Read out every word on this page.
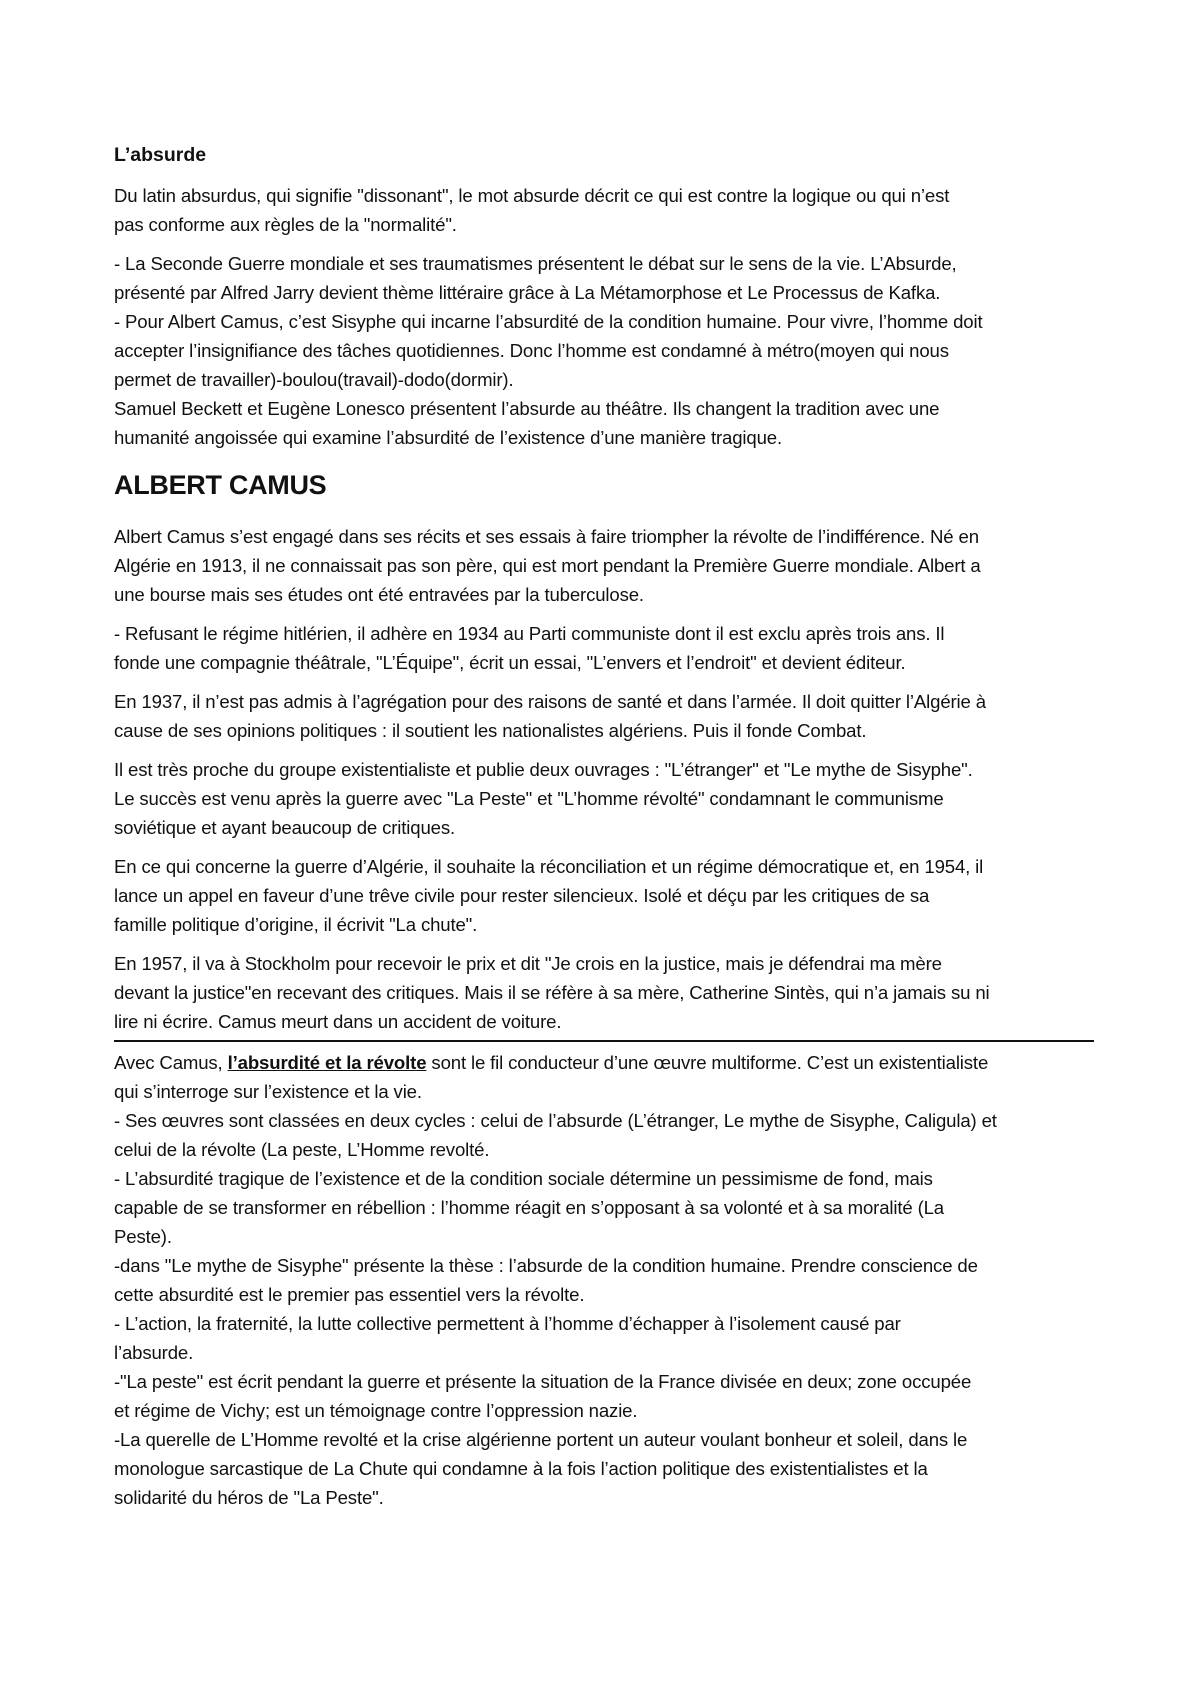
L’absurde

Du latin absurdus, qui signifie "dissonant", le mot absurde décrit ce qui est contre la logique ou qui n’est
pas conforme aux règles de la "normalité".

- La Seconde Guerre mondiale et ses traumatismes présentent le débat sur le sens de la vie. L’Absurde,
présenté par Alfred Jarry devient thème littéraire grâce à La Métamorphose et Le Processus de Kafka.
- Pour Albert Camus, c’est Sisyphe qui incarne l’absurdité de la condition humaine. Pour vivre, l’homme doit
accepter l’insignifiance des tâches quotidiennes. Donc l’homme est condamné à métro(moyen qui nous
permet de travailler)-boulou(travail)-dodo(dormir).
Samuel Beckett et Eugène Lonesco présentent l’absurde au théâtre. Ils changent la tradition avec une
humanité angoissée qui examine l’absurdité de l’existence d’une manière tragique.

ALBERT CAMUS

Albert Camus s’est engagé dans ses récits et ses essais à faire triompher la révolte de l’indifférence. Né en
Algérie en 1913, il ne connaissait pas son père, qui est mort pendant la Première Guerre mondiale. Albert a
une bourse mais ses études ont été entravées par la tuberculose.

- Refusant le régime hitlérien, il adhère en 1934 au Parti communiste dont il est exclu après trois ans. Il
fonde une compagnie théâtrale, "L’Équipe", écrit un essai, "L’envers et l’endroit" et devient éditeur.

En 1937, il n’est pas admis à l’agrégation pour des raisons de santé et dans l’armée. Il doit quitter l’Algérie à
cause de ses opinions politiques : il soutient les nationalistes algériens. Puis il fonde Combat.

Il est très proche du groupe existentialiste et publie deux ouvrages : "L’étranger" et "Le mythe de Sisyphe".
Le succès est venu après la guerre avec "La Peste" et "L’homme révolté" condamnant le communisme
soviétique et ayant beaucoup de critiques.

En ce qui concerne la guerre d’Algérie, il souhaite la réconciliation et un régime démocratique et, en 1954, il
lance un appel en faveur d’une trêve civile pour rester silencieux. Isolé et déçu par les critiques de sa
famille politique d’origine, il écrivit "La chute".

En 1957, il va à Stockholm pour recevoir le prix et dit "Je crois en la justice, mais je défendrai ma mère
devant la justice"en recevant des critiques. Mais il se réfère à sa mère, Catherine Sintès, qui n’a jamais su ni
lire ni écrire. Camus meurt dans un accident de voiture.

Avec Camus, l’absurdité et la révolte sont le fil conducteur d’une œuvre multiforme. C’est un existentialiste
qui s’interroge sur l’existence et la vie.
- Ses œuvres sont classées en deux cycles : celui de l’absurde (L’étranger, Le mythe de Sisyphe, Caligula) et
celui de la révolte (La peste, L’Homme revolté.
- L’absurdité tragique de l’existence et de la condition sociale détermine un pessimisme de fond, mais
capable de se transformer en rébellion : l’homme réagit en s’opposant à sa volonté et à sa moralité (La
Peste).
-dans "Le mythe de Sisyphe" présente la thèse : l’absurde de la condition humaine. Prendre conscience de
cette absurdité est le premier pas essentiel vers la révolte.
- L’action, la fraternité, la lutte collective permettent à l’homme d’échapper à l’isolement causé par
l’absurde.
-"La peste" est écrit pendant la guerre et présente la situation de la France divisée en deux; zone occupée
et régime de Vichy; est un témoignage contre l’oppression nazie.
-La querelle de L’Homme revolté et la crise algérienne portent un auteur voulant bonheur et soleil, dans le
monologue sarcastique de La Chute qui condamne à la fois l’action politique des existentialistes et la
solidarité du héros de "La Peste".
